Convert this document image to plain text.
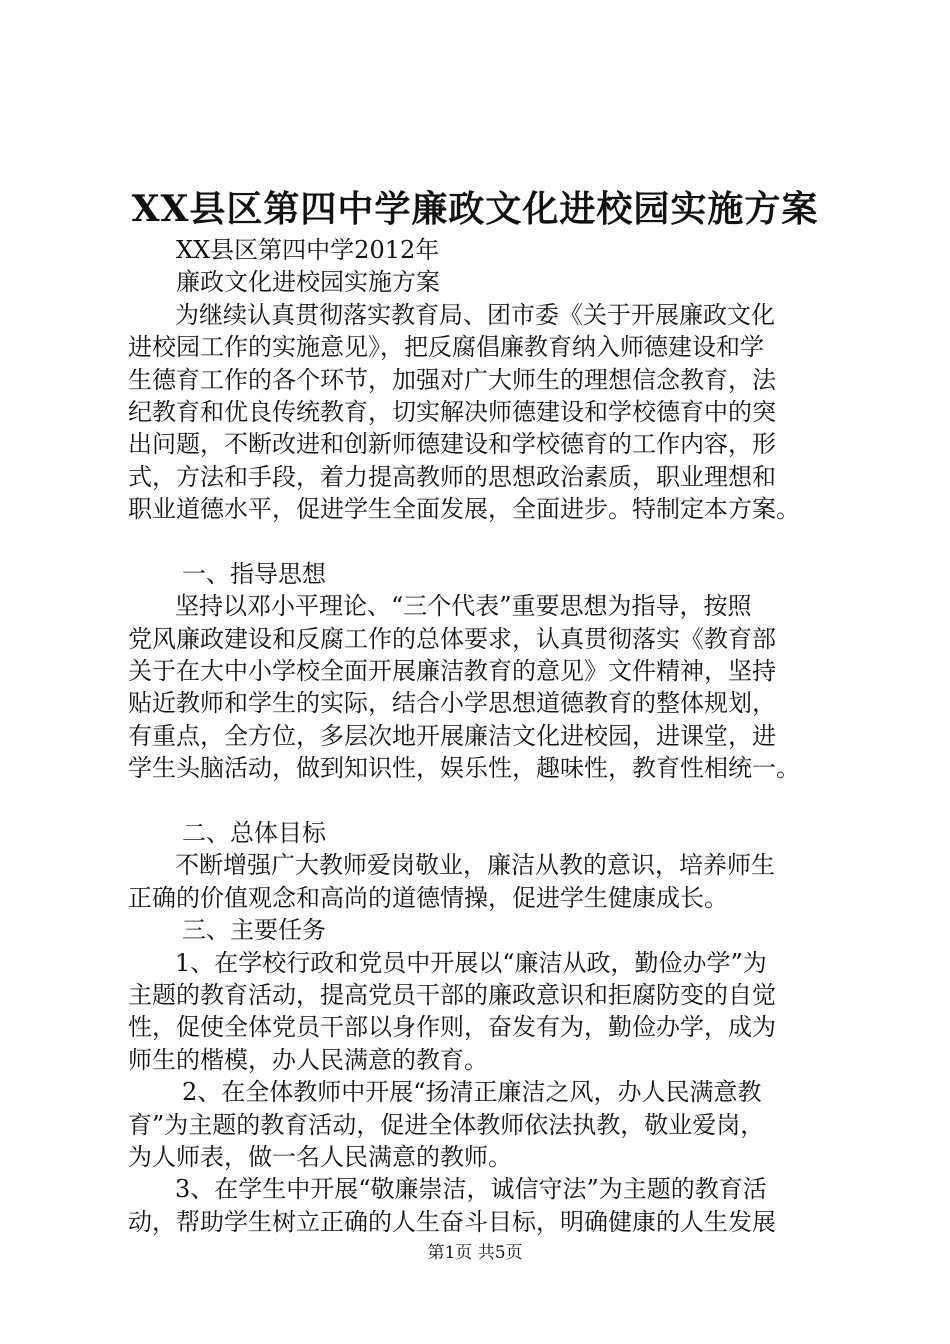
XX县区第四中学廉政文化进校园实施方案

XX县区第四中学2012年

廉政文化进校园实施方案

为继续认真贯彻落实教育局、团市委《关于开展廉政文化

进校园工作的实施意见》，把反腐倡廉教育纳入师德建设和学

生德育工作的各个环节，加强对广大师生的理想信念教育，法

纪教育和优良传统教育，切实解决师德建设和学校德育中的突

出问题，不断改进和创新师德建设和学校德育的工作内容，形

式，方法和手段，着力提高教师的思想政治素质，职业理想和

职业道德水平，促进学生全面发展，全面进步。特制定本方案。

一、指导思想

坚持以邓小平理论、“三个代表”重要思想为指导，按照

党风廉政建设和反腐工作的总体要求，认真贯彻落实《教育部

关于在大中小学校全面开展廉洁教育的意见》文件精神，坚持

贴近教师和学生的实际，结合小学思想道德教育的整体规划，

有重点，全方位，多层次地开展廉洁文化进校园，进课堂，进

学生头脑活动，做到知识性，娱乐性，趣味性，教育性相统一。

二、总体目标

不断增强广大教师爱岗敬业，廉洁从教的意识，培养师生

正确的价值观念和高尚的道德情操，促进学生健康成长。

三、主要任务

1、在学校行政和党员中开展以“廉洁从政，勤俭办学”为

主题的教育活动，提高党员干部的廉政意识和拒腐防变的自觉

性，促使全体党员干部以身作则，奋发有为，勤俭办学，成为

师生的楷模，办人民满意的教育。

2、在全体教师中开展“扬清正廉洁之风，办人民满意教

育”为主题的教育活动，促进全体教师依法执教，敬业爱岗，

为人师表，做一名人民满意的教师。

3、在学生中开展“敬廉崇洁，诚信守法”为主题的教育活

动，帮助学生树立正确的人生奋斗目标，明确健康的人生发展

第1页 共5页
